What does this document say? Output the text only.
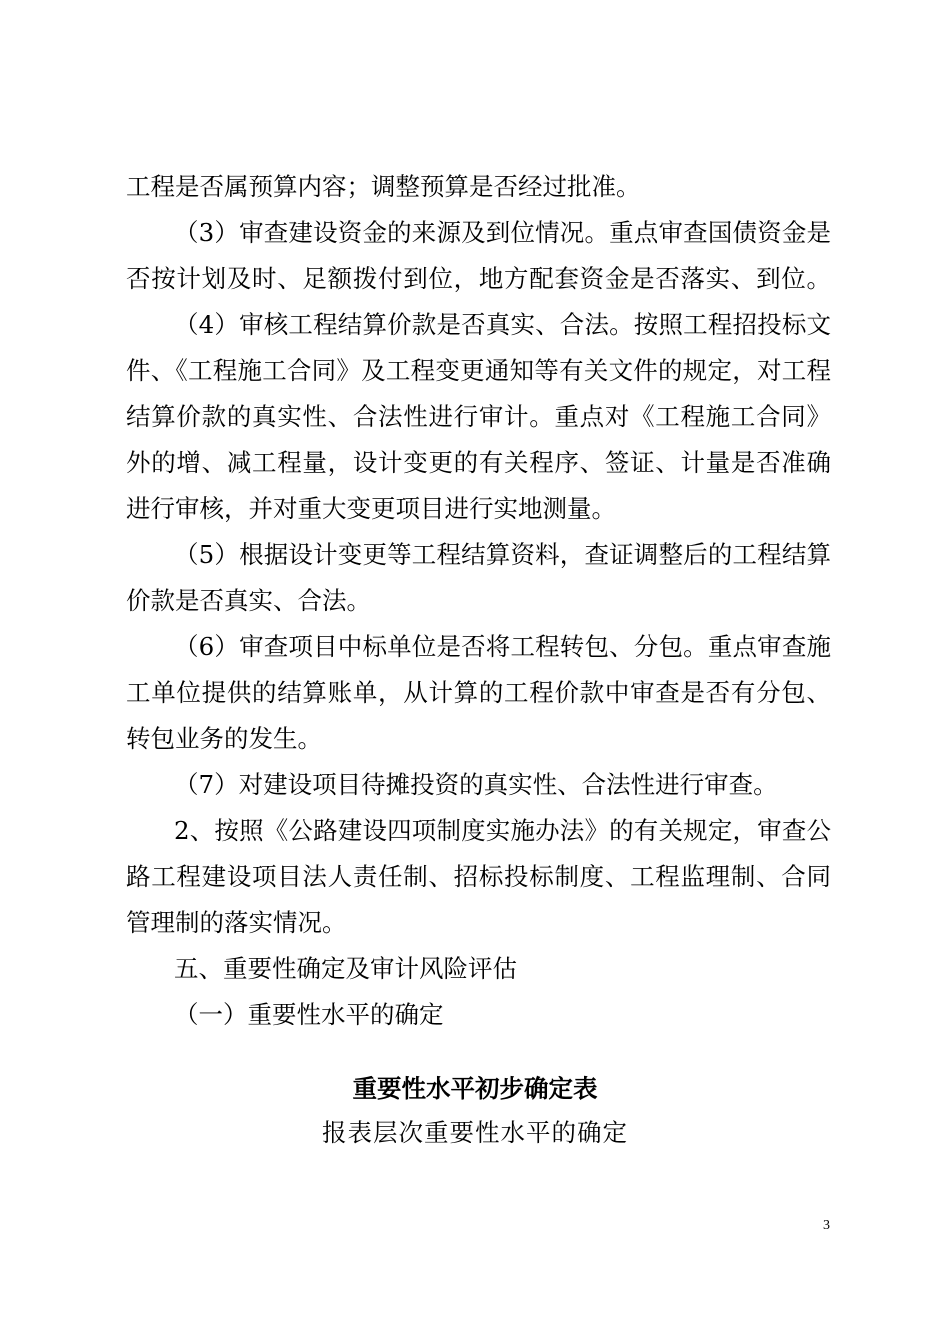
工程是否属预算内容；调整预算是否经过批准。
（3）审查建设资金的来源及到位情况。重点审查国债资金是
否按计划及时、足额拨付到位，地方配套资金是否落实、到位。
（4）审核工程结算价款是否真实、合法。按照工程招投标文
件、《工程施工合同》及工程变更通知等有关文件的规定，对工程
结算价款的真实性、合法性进行审计。重点对《工程施工合同》
外的增、减工程量，设计变更的有关程序、签证、计量是否准确
进行审核，并对重大变更项目进行实地测量。
（5）根据设计变更等工程结算资料，查证调整后的工程结算
价款是否真实、合法。
（6）审查项目中标单位是否将工程转包、分包。重点审查施
工单位提供的结算账单，从计算的工程价款中审查是否有分包、
转包业务的发生。
（7）对建设项目待摊投资的真实性、合法性进行审查。
2、按照《公路建设四项制度实施办法》的有关规定，审查公
路工程建设项目法人责任制、招标投标制度、工程监理制、合同
管理制的落实情况。
五、重要性确定及审计风险评估
（一）重要性水平的确定
重要性水平初步确定表
报表层次重要性水平的确定
3
